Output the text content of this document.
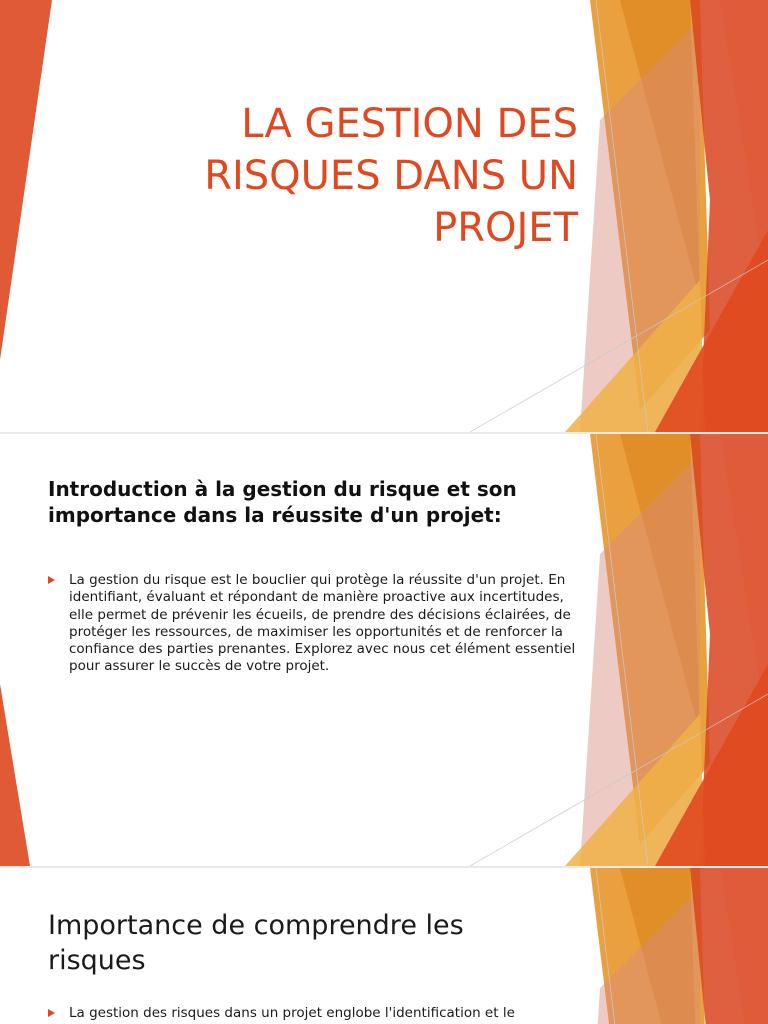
LA GESTION DES RISQUES DANS UN PROJET
Introduction à la gestion du risque et son importance dans la réussite d'un projet:
La gestion du risque est le bouclier qui protège la réussite d'un projet. En identifiant, évaluant et répondant de manière proactive aux incertitudes, elle permet de prévenir les écueils, de prendre des décisions éclairées, de protéger les ressources, de maximiser les opportunités et de renforcer la confiance des parties prenantes. Explorez avec nous cet élément essentiel pour assurer le succès de votre projet.
Importance de comprendre les risques
La gestion des risques dans un projet englobe l'identification et le
